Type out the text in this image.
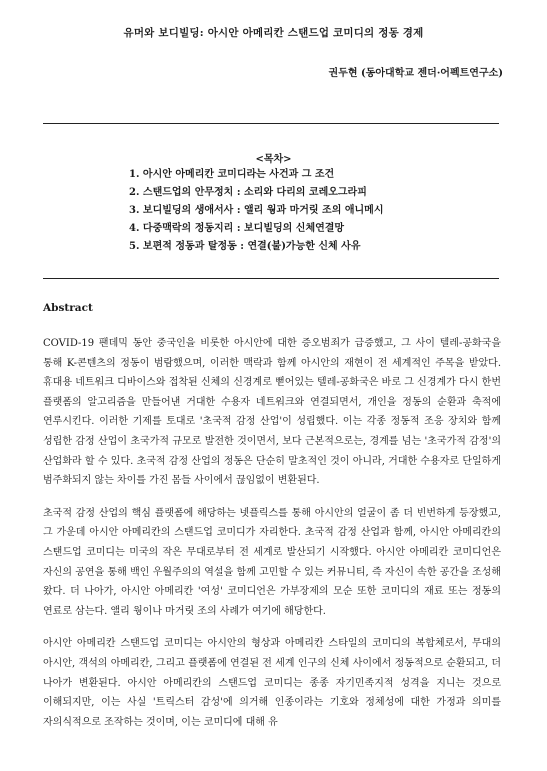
유머와 보디빌딩: 아시안 아메리칸 스탠드업 코미디의 정동 경제
권두현 (동아대학교 젠더·어펙트연구소)
<목차>
1. 아시안 아메리칸 코미디라는 사건과 그 조건
2. 스탠드업의 안무정치 : 소리와 다리의 코레오그라피
3. 보디빌딩의 생애서사 : 앨리 웡과 마거릿 조의 애니메시
4. 다중맥락의 정동지리 : 보디빌딩의 신체연결망
5. 보편적 정동과 탈정동 : 연결(불)가능한 신체 사유
Abstract

COVID-19 팬데믹 동안 중국인을 비롯한 아시안에 대한 증오범죄가 급증했고, 그 사이 텔레-공화국을 통해 K-콘텐츠의 정동이 범람했으며, 이러한 맥락과 함께 아시안의 재현이 전 세계적인 주목을 받았다. 휴대용 네트워크 디바이스와 접착된 신체의 신경계로 뻗어있는 텔레-공화국은 바로 그 신경계가 다시 한번 플랫폼의 알고리즘을 만들어낸 거대한 수용자 네트워크와 연결되면서, 개인을 정동의 순환과 축적에 연루시킨다. 이러한 기제를 토대로 '초국적 감정 산업'이 성립했다. 이는 각종 정동적 조응 장치와 함께 성립한 감정 산업이 초국가적 규모로 발전한 것이면서, 보다 근본적으로는, 경계를 넘는 '초국가적 감정'의 산업화라 할 수 있다. 초국적 감정 산업의 정동은 단순히 말초적인 것이 아니라, 거대한 수용자로 단일하게 범주화되지 않는 차이를 가진 몸들 사이에서 끊임없이 변환된다.

초국적 감정 산업의 핵심 플랫폼에 해당하는 넷플릭스를 통해 아시안의 얼굴이 좀 더 빈번하게 등장했고, 그 가운데 아시안 아메리칸의 스탠드업 코미디가 자리한다. 초국적 감정 산업과 함께, 아시안 아메리칸의 스탠드업 코미디는 미국의 작은 무대로부터 전 세계로 발산되기 시작했다. 아시안 아메리칸 코미디언은 자신의 공연을 통해 백인 우월주의의 역설을 함께 고민할 수 있는 커뮤니티, 즉 자신이 속한 공간을 조성해 왔다. 더 나아가, 아시안 아메리칸 '여성' 코미디언은 가부장제의 모순 또한 코미디의 재료 또는 정동의 연료로 삼는다. 앨리 웡이나 마거릿 조의 사례가 여기에 해당한다.

아시안 아메리칸 스탠드업 코미디는 아시안의 형상과 아메리칸 스타일의 코미디의 복합체로서, 무대의 아시안, 객석의 아메리칸, 그리고 플랫폼에 연결된 전 세계 인구의 신체 사이에서 정동적으로 순환되고, 더 나아가 변환된다. 아시안 아메리칸의 스탠드업 코미디는 종종 자기민족지적 성격을 지니는 것으로 이해되지만, 이는 사실 '트릭스터 감성'에 의거해 인종이라는 기호와 정체성에 대한 가정과 의미를 자의식적으로 조작하는 것이며, 이는 코미디에 대해 유
